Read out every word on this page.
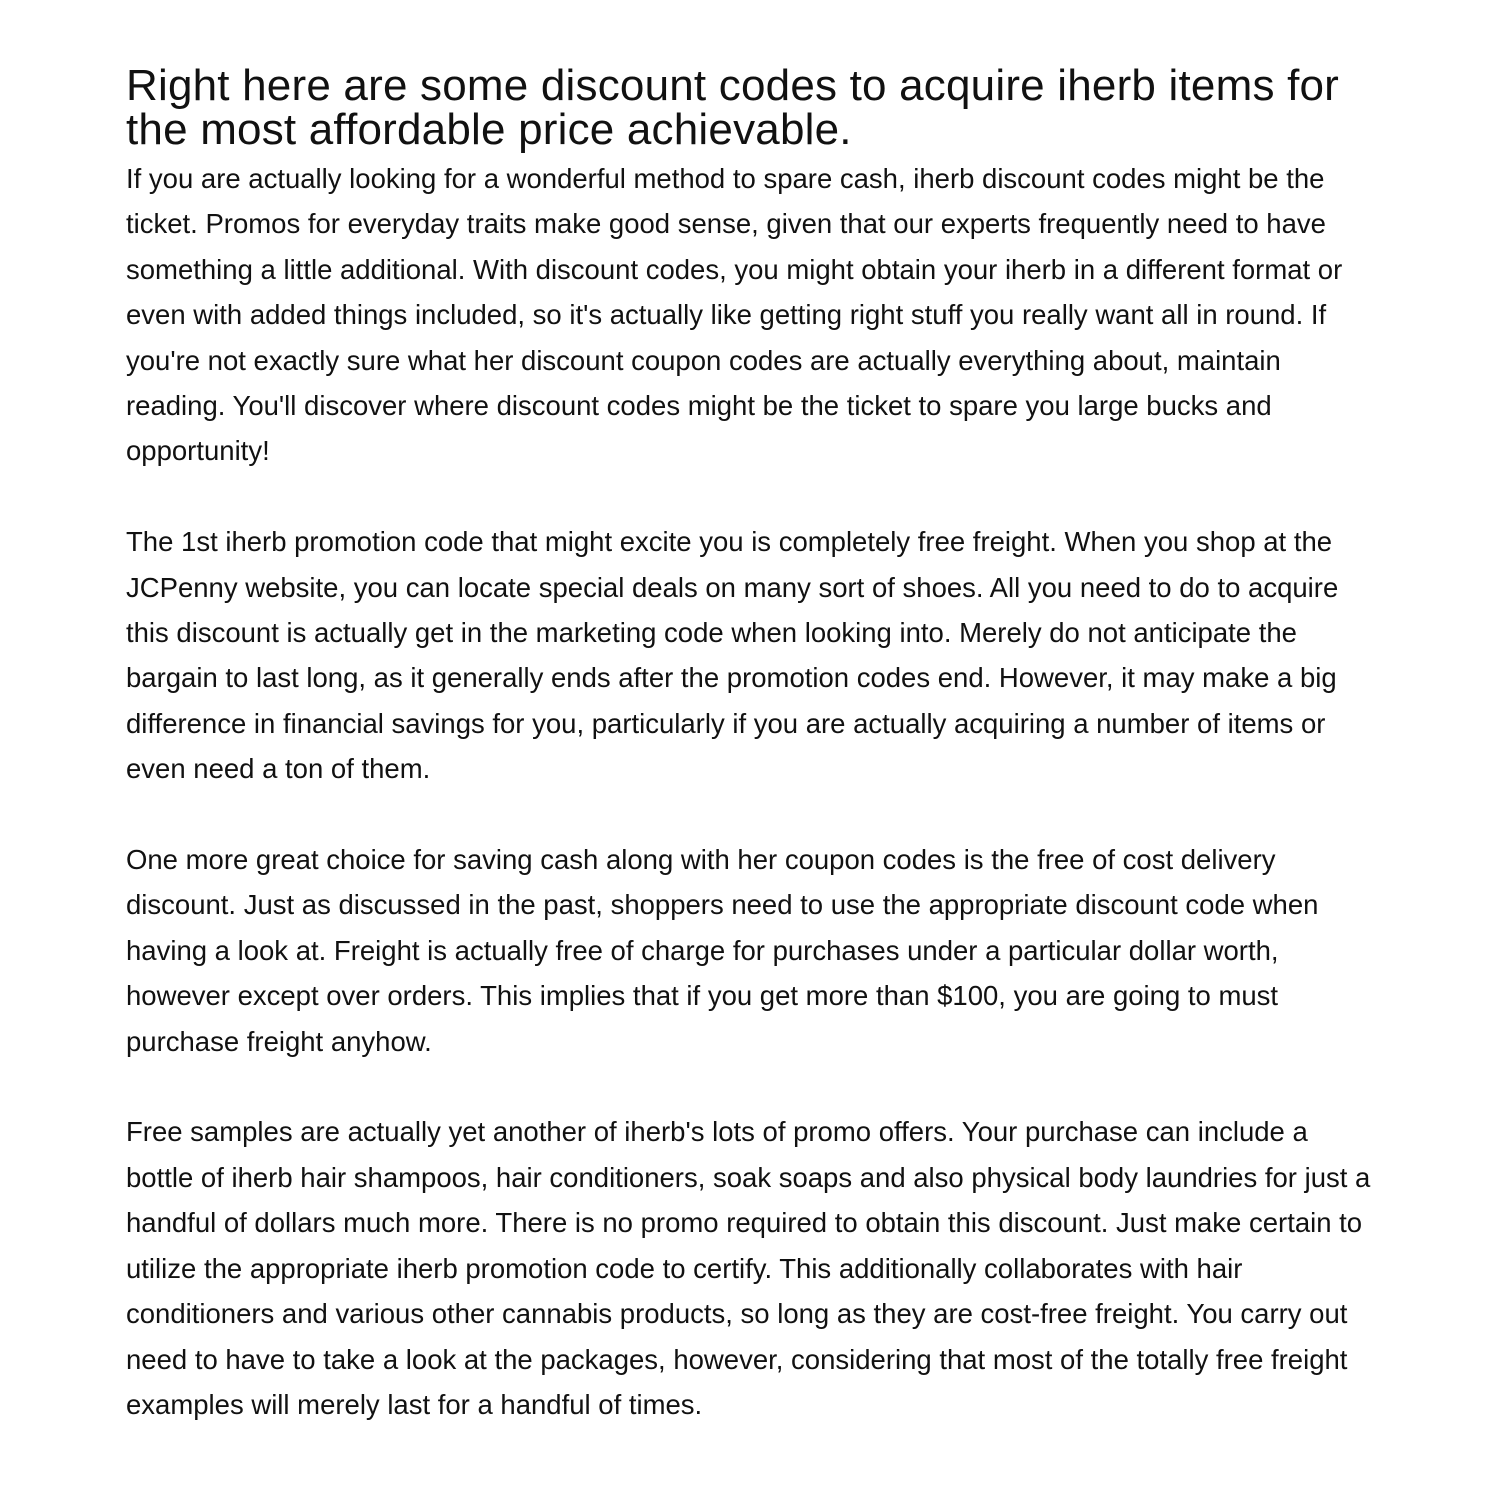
Right here are some discount codes to acquire iherb items for the most affordable price achievable.

If you are actually looking for a wonderful method to spare cash, iherb discount codes might be the ticket. Promos for everyday traits make good sense, given that our experts frequently need to have something a little additional. With discount codes, you might obtain your iherb in a different format or even with added things included, so it's actually like getting right stuff you really want all in round. If you're not exactly sure what her discount coupon codes are actually everything about, maintain reading. You'll discover where discount codes might be the ticket to spare you large bucks and opportunity!

The 1st iherb promotion code that might excite you is completely free freight. When you shop at the JCPenny website, you can locate special deals on many sort of shoes. All you need to do to acquire this discount is actually get in the marketing code when looking into. Merely do not anticipate the bargain to last long, as it generally ends after the promotion codes end. However, it may make a big difference in financial savings for you, particularly if you are actually acquiring a number of items or even need a ton of them.

One more great choice for saving cash along with her coupon codes is the free of cost delivery discount. Just as discussed in the past, shoppers need to use the appropriate discount code when having a look at. Freight is actually free of charge for purchases under a particular dollar worth, however except over orders. This implies that if you get more than $100, you are going to must purchase freight anyhow.

Free samples are actually yet another of iherb's lots of promo offers. Your purchase can include a bottle of iherb hair shampoos, hair conditioners, soak soaps and also physical body laundries for just a handful of dollars much more. There is no promo required to obtain this discount. Just make certain to utilize the appropriate iherb promotion code to certify. This additionally collaborates with hair conditioners and various other cannabis products, so long as they are cost-free freight. You carry out need to have to take a look at the packages, however, considering that most of the totally free freight examples will merely last for a handful of times.
